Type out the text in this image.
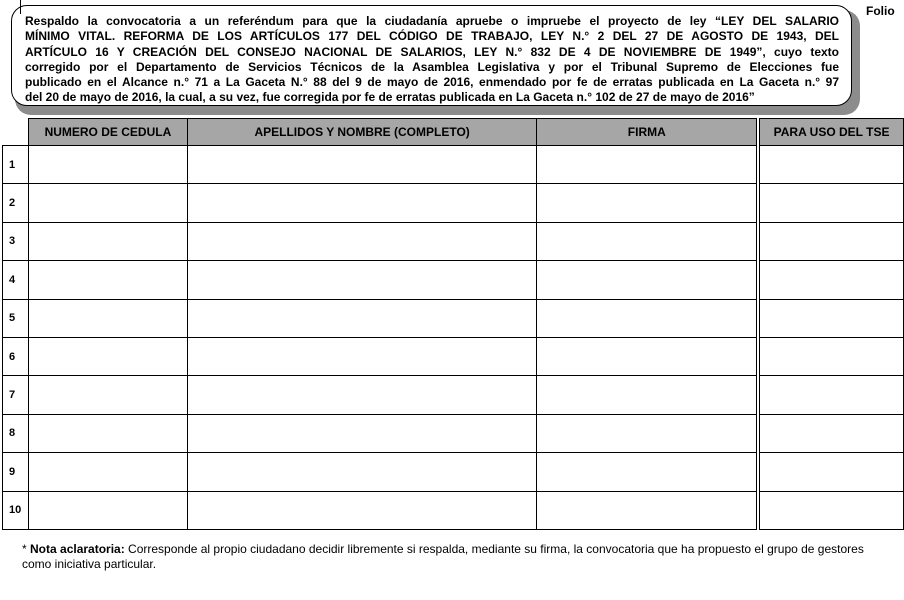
Folio

Respaldo la convocatoria a un referéndum para que la ciudadanía apruebe o impruebe el proyecto de ley “LEY DEL SALARIO

MÍNIMO VITAL. REFORMA DE LOS ARTÍCULOS 177 DEL CÓDIGO DE TRABAJO, LEY N.° 2 DEL 27 DE AGOSTO DE 1943, DEL

ARTÍCULO 16 Y CREACIÓN DEL CONSEJO NACIONAL DE SALARIOS, LEY N.° 832 DE 4 DE NOVIEMBRE DE 1949”, cuyo texto

corregido por el Departamento de Servicios Técnicos de la Asamblea Legislativa y por el Tribunal Supremo de Elecciones fue

publicado en el Alcance n.° 71 a La Gaceta N.° 88 del 9 de mayo de 2016, enmendado por fe de erratas publicada en La Gaceta n.° 97

del 20 de mayo de 2016, la cual, a su vez, fue corregida por fe de erratas publicada en La Gaceta n.° 102 de 27 de mayo de 2016”

	NUMERO DE CEDULA	APELLIDOS Y NOMBRE (COMPLETO)	FIRMA		PARA USO DEL TSE
1					
2					
3					
4					
5					
6					
7					
8					
9					
10					
* Nota aclaratoria: Corresponde al propio ciudadano decidir libremente si respalda, mediante su firma, la convocatoria que ha propuesto el grupo de gestores como iniciativa particular.
